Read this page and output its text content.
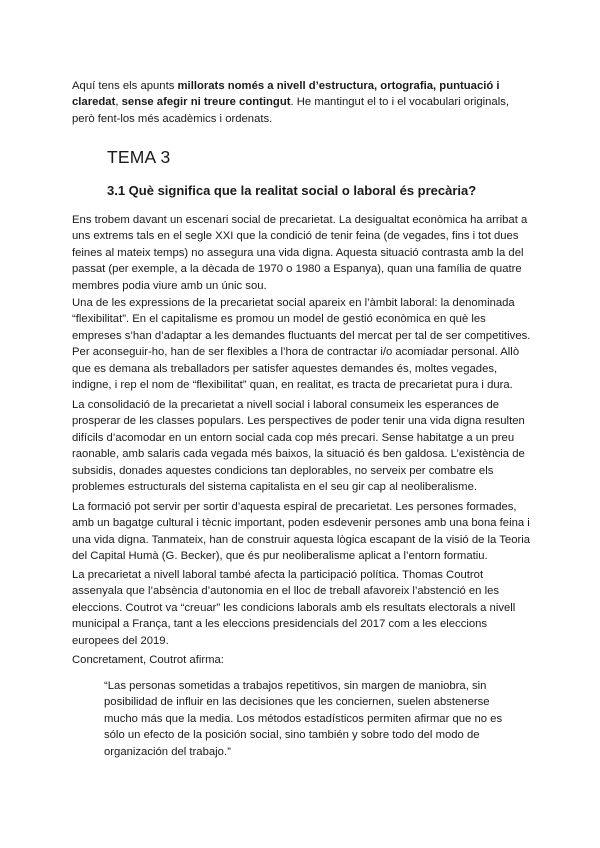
Aquí tens els apunts millorats només a nivell d’estructura, ortografia, puntuació i claredat, sense afegir ni treure contingut. He mantingut el to i el vocabulari originals, però fent-los més acadèmics i ordenats.

TEMA 3
3.1 Què significa que la realitat social o laboral és precària?

Ens trobem davant un escenari social de precarietat. La desigualtat econòmica ha arribat a uns extrems tals en el segle XXI que la condició de tenir feina (de vegades, fins i tot dues feines al mateix temps) no assegura una vida digna. Aquesta situació contrasta amb la del passat (per exemple, a la dècada de 1970 o 1980 a Espanya), quan una família de quatre membres podia viure amb un únic sou.

Una de les expressions de la precarietat social apareix en l’àmbit laboral: la denominada “flexibilitat”. En el capitalisme es promou un model de gestió econòmica en què les empreses s’han d’adaptar a les demandes fluctuants del mercat per tal de ser competitives. Per aconseguir-ho, han de ser flexibles a l’hora de contractar i/o acomiadar personal. Allò que es demana als treballadors per satisfer aquestes demandes és, moltes vegades, indigne, i rep el nom de “flexibilitat” quan, en realitat, es tracta de precarietat pura i dura.

La consolidació de la precarietat a nivell social i laboral consumeix les esperances de prosperar de les classes populars. Les perspectives de poder tenir una vida digna resulten difícils d’acomodar en un entorn social cada cop més precari. Sense habitatge a un preu raonable, amb salaris cada vegada més baixos, la situació és ben galdosa. L’existència de subsidis, donades aquestes condicions tan deplorables, no serveix per combatre els problemes estructurals del sistema capitalista en el seu gir cap al neoliberalisme.

La formació pot servir per sortir d’aquesta espiral de precarietat. Les persones formades, amb un bagatge cultural i tècnic important, poden esdevenir persones amb una bona feina i una vida digna. Tanmateix, han de construir aquesta lògica escapant de la visió de la Teoria del Capital Humà (G. Becker), que és pur neoliberalisme aplicat a l’entorn formatiu.

La precarietat a nivell laboral també afecta la participació política. Thomas Coutrot assenyala que l’absència d’autonomia en el lloc de treball afavoreix l’abstenció en les eleccions. Coutrot va “creuar” les condicions laborals amb els resultats electorals a nivell municipal a França, tant a les eleccions presidencials del 2017 com a les eleccions europees del 2019.

Concretament, Coutrot afirma:

“Las personas sometidas a trabajos repetitivos, sin margen de maniobra, sin posibilidad de influir en las decisiones que les conciernen, suelen abstenerse mucho más que la media. Los métodos estadísticos permiten afirmar que no es sólo un efecto de la posición social, sino también y sobre todo del modo de organización del trabajo.”
